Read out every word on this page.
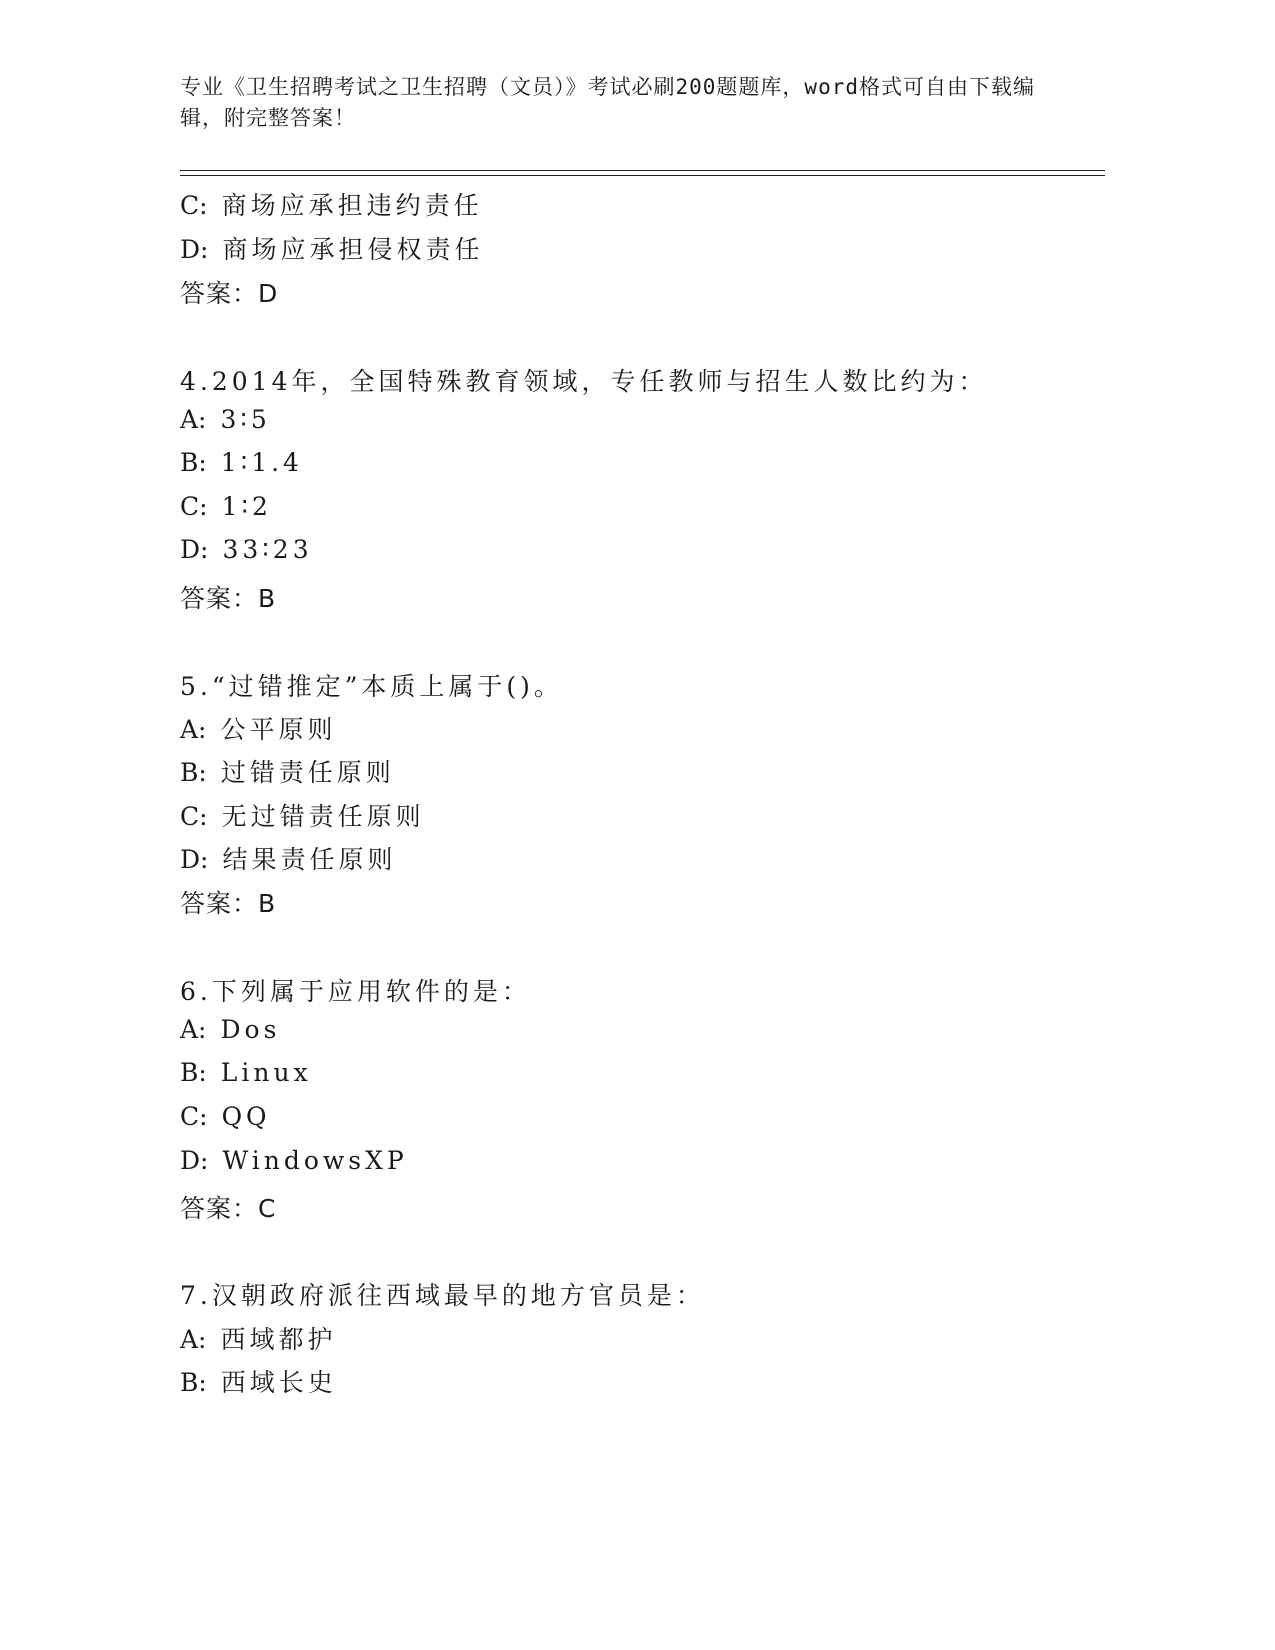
专业《卫生招聘考试之卫生招聘（文员）》考试必刷200题题库，word格式可自由下载编辑，附完整答案！
C: 商场应承担违约责任
D: 商场应承担侵权责任
答案：D
4.2014年，全国特殊教育领域，专任教师与招生人数比约为：
A: 3∶5
B: 1∶1.4
C: 1∶2
D: 33∶23
答案：B
5.“过错推定”本质上属于()。
A: 公平原则
B: 过错责任原则
C: 无过错责任原则
D: 结果责任原则
答案：B
6.下列属于应用软件的是：
A: Dos
B: Linux
C: QQ
D: WindowsXP
答案：C
7.汉朝政府派往西域最早的地方官员是：
A: 西域都护
B: 西域长史
